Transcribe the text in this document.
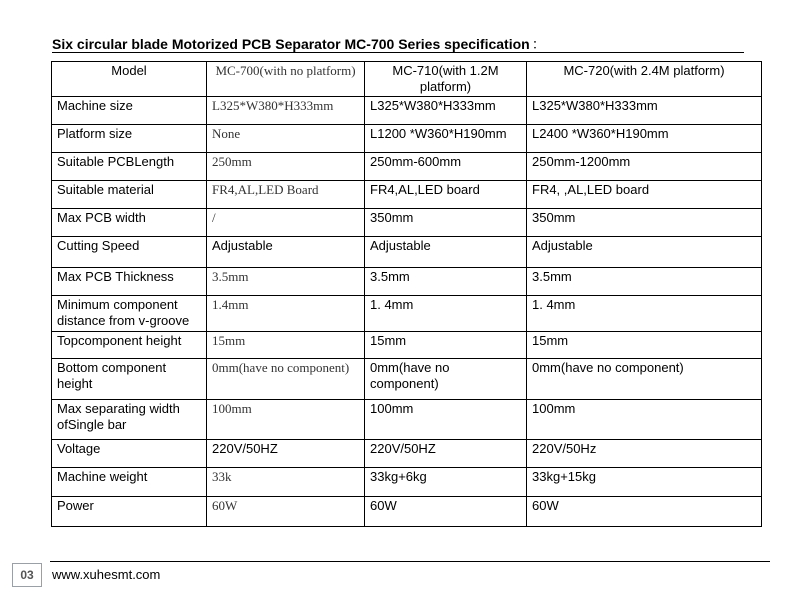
Six circular blade Motorized PCB Separator MC-700 Series specification ：
Model	MC-700(with no platform)	MC-710(with 1.2M platform)	MC-720(with 2.4M platform)
Machine size	L325*W380*H333mm	L325*W380*H333mm	L325*W380*H333mm
Platform size	None	L1200 *W360*H190mm	L2400 *W360*H190mm
Suitable PCBLength	250mm	250mm-600mm	250mm-1200mm
Suitable material	FR4,AL,LED Board	FR4,AL,LED board	FR4, ,AL,LED board
Max PCB width	/	350mm	350mm
Cutting Speed	Adjustable	Adjustable	Adjustable
Max PCB Thickness	3.5mm	3.5mm	3.5mm
Minimum component distance from v-groove	1.4mm	1. 4mm	1. 4mm
Topcomponent height	15mm	15mm	15mm
Bottom component height	0mm(have no component)	0mm(have no component)	0mm(have no component)
Max separating width ofSingle bar	100mm	100mm	100mm
Voltage	220V/50HZ	220V/50HZ	220V/50Hz
Machine weight	33k	33kg+6kg	33kg+15kg
Power	60W	60W	60W
03	www.xuhesmt.com
